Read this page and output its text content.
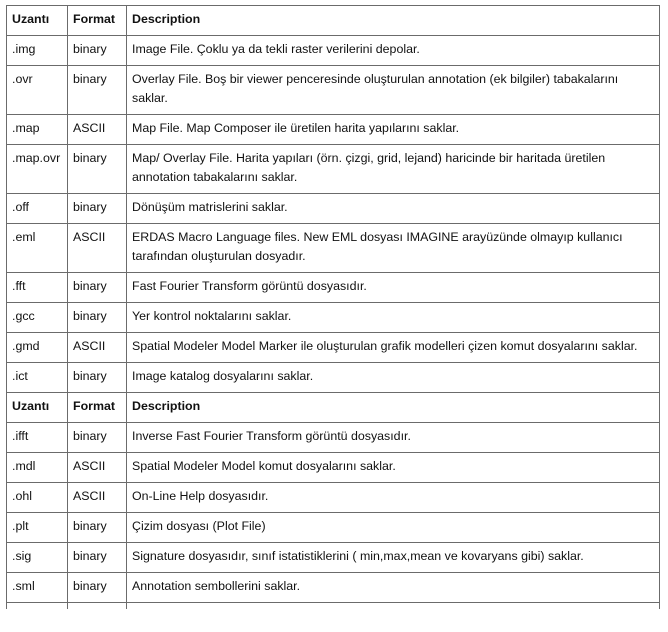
Uzantı	Format	Description
.img	binary	Image File. Çoklu ya da tekli raster verilerini depolar.
.ovr	binary	Overlay File. Boş bir viewer penceresinde oluşturulan annotation (ek bilgiler) tabakalarını saklar.
.map	ASCII	Map File. Map Composer ile üretilen harita yapılarını saklar.
.map.ovr	binary	Map/ Overlay File. Harita yapıları (örn. çizgi, grid, lejand) haricinde bir haritada üretilen annotation tabakalarını saklar.
.off	binary	Dönüşüm matrislerini saklar.
.eml	ASCII	ERDAS Macro Language files. New EML dosyası IMAGINE arayüzünde olmayıp kullanıcı tarafından oluşturulan dosyadır.
.fft	binary	Fast Fourier Transform görüntü dosyasıdır.
.gcc	binary	Yer kontrol noktalarını saklar.
.gmd	ASCII	Spatial Modeler Model Marker ile oluşturulan grafik modelleri çizen komut dosyalarını saklar.
.ict	binary	Image katalog dosyalarını saklar.
Uzantı	Format	Description
.ifft	binary	Inverse Fast Fourier Transform görüntü dosyasıdır.
.mdl	ASCII	Spatial Modeler Model komut dosyalarını saklar.
.ohl	ASCII	On-Line Help dosyasıdır.
.plt	binary	Çizim dosyası (Plot File)
.sig	binary	Signature dosyasıdır, sınıf istatistiklerini ( min,max,mean ve kovaryans gibi) saklar.
.sml	binary	Annotation sembollerini saklar.
